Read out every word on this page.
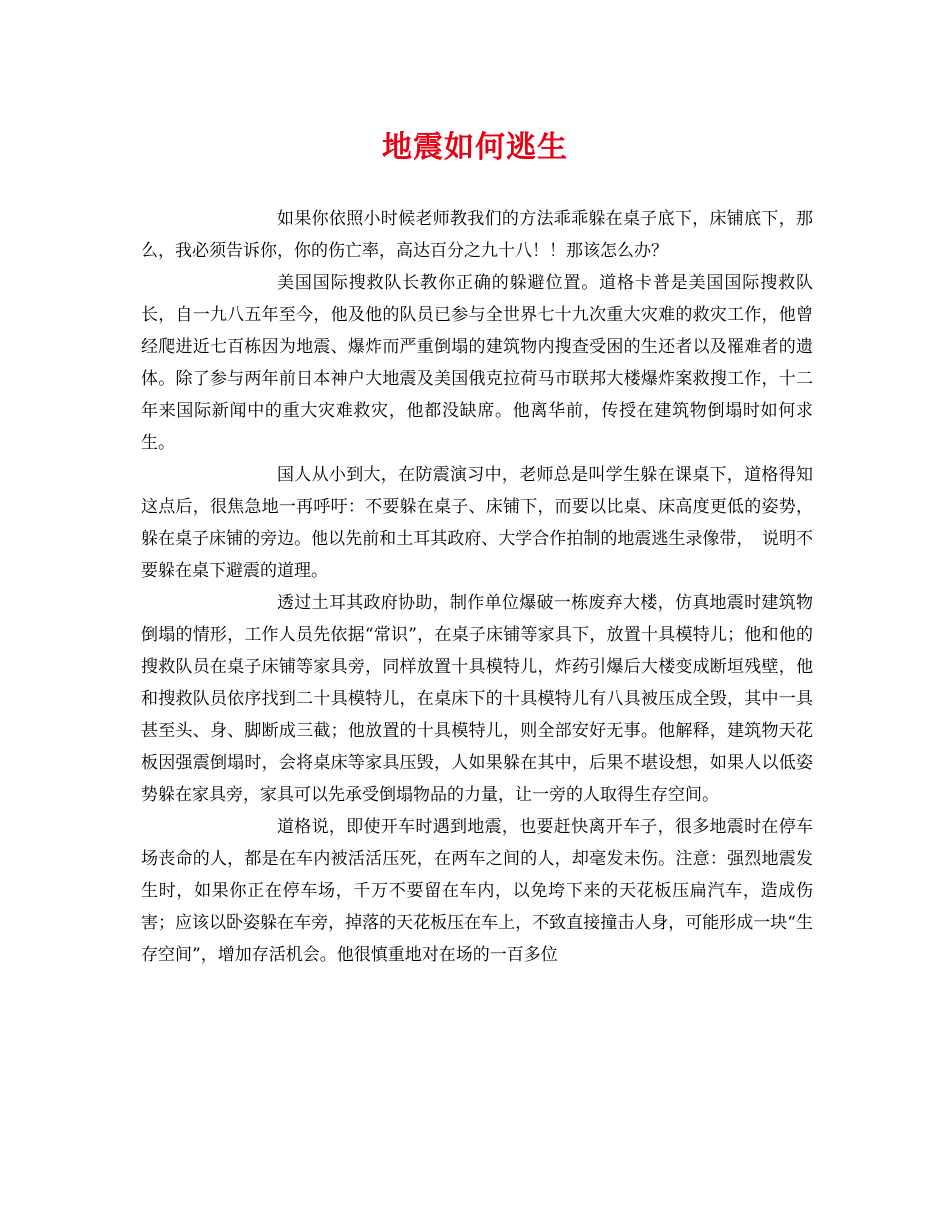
地震如何逃生

如果你依照小时候老师教我们的方法乖乖躲在桌子底下，床铺底下，那么，我必须告诉你，你的伤亡率，高达百分之九十八！！那该怎么办？

美国国际搜救队长教你正确的躲避位置。道格卡普是美国国际搜救队长，自一九八五年至今，他及他的队员已参与全世界七十九次重大灾难的救灾工作，他曾经爬进近七百栋因为地震、爆炸而严重倒塌的建筑物内搜查受困的生还者以及罹难者的遗体。除了参与两年前日本神户大地震及美国俄克拉荷马市联邦大楼爆炸案救搜工作，十二年来国际新闻中的重大灾难救灾，他都没缺席。他离华前，传授在建筑物倒塌时如何求生。

国人从小到大，在防震演习中，老师总是叫学生躲在课桌下，道格得知这点后，很焦急地一再呼吁：不要躲在桌子、床铺下，而要以比桌、床高度更低的姿势，躲在桌子床铺的旁边。他以先前和土耳其政府、大学合作拍制的地震逃生录像带，　说明不要躲在桌下避震的道理。

透过土耳其政府协助，制作单位爆破一栋废弃大楼，仿真地震时建筑物倒塌的情形，工作人员先依据“常识”，在桌子床铺等家具下，放置十具模特儿；他和他的搜救队员在桌子床铺等家具旁，同样放置十具模特儿，炸药引爆后大楼变成断垣残壁，他和搜救队员依序找到二十具模特儿，在桌床下的十具模特儿有八具被压成全毁，其中一具甚至头、身、脚断成三截；他放置的十具模特儿，则全部安好无事。他解释，建筑物天花板因强震倒塌时，会将桌床等家具压毁，人如果躲在其中，后果不堪设想，如果人以低姿势躲在家具旁，家具可以先承受倒塌物品的力量，让一旁的人取得生存空间。

道格说，即使开车时遇到地震，也要赶快离开车子，很多地震时在停车场丧命的人，都是在车内被活活压死，在两车之间的人，却毫发未伤。注意：强烈地震发生时，如果你正在停车场，千万不要留在车内，以免垮下来的天花板压扁汽车，造成伤害；应该以卧姿躲在车旁，掉落的天花板压在车上，不致直接撞击人身，可能形成一块“生存空间”，增加存活机会。他很慎重地对在场的一百多位
